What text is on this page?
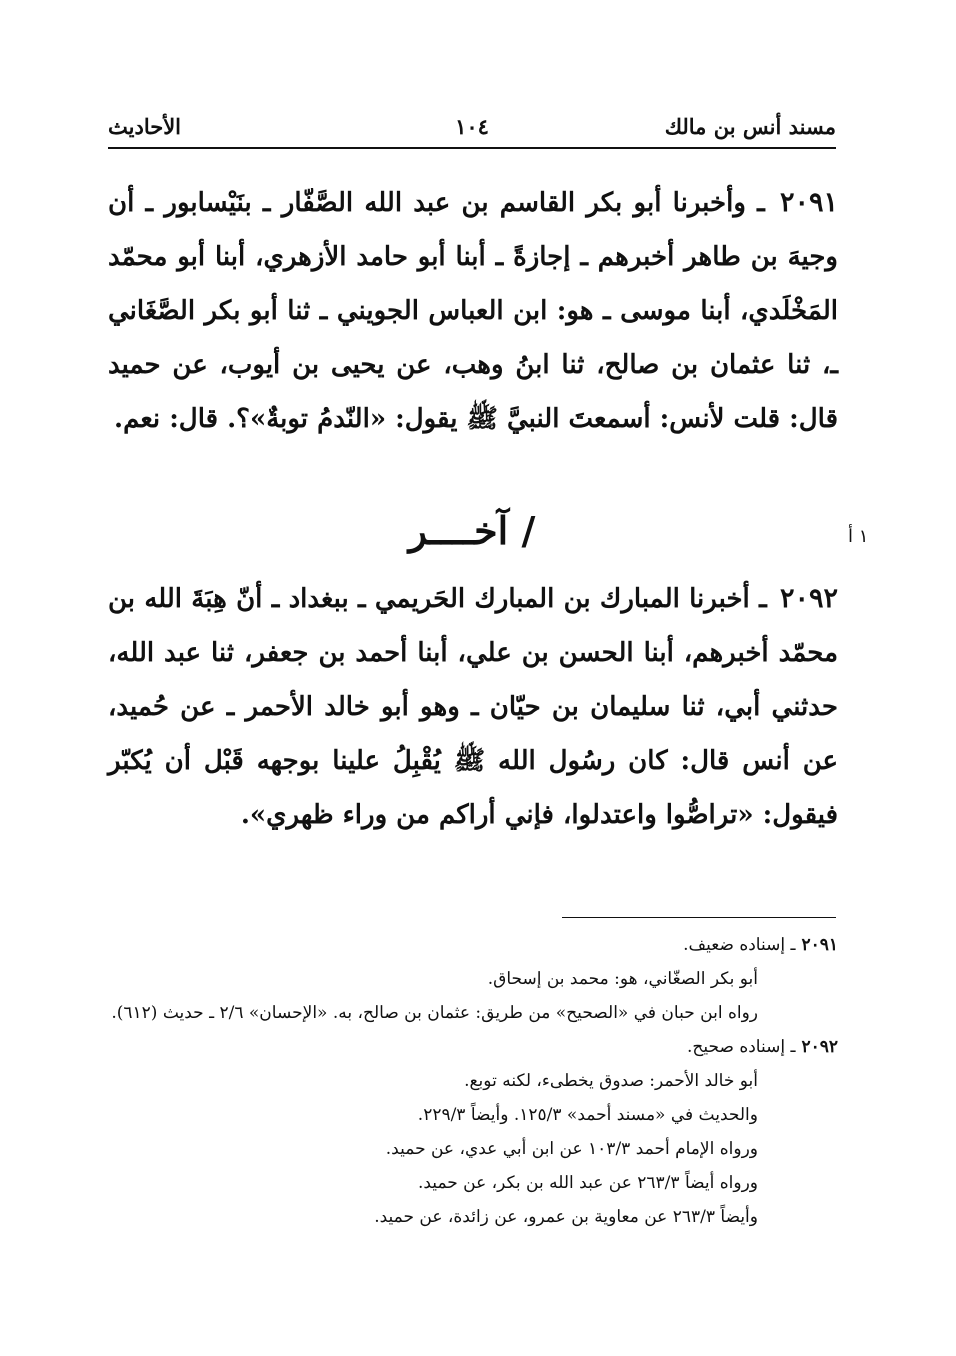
مسند أنس بن مالك
١٠٤
الأحاديث
٢٠٩١ ـ وأخبرنا أبو بكر القاسم بن عبد الله الصَّفّار ـ بنَيْسابور ـ أن وجيهَ بن طاهر أخبرهم ـ إجازةً ـ أبنا أبو حامد الأزهري، أبنا أبو محمّد المَخْلَدي، أبنا موسى ـ هو: ابن العباس الجويني ـ ثنا أبو بكر الصَّغَاني ـ، ثنا عثمان بن صالح، ثنا ابنُ وهب، عن يحيى بن أيوب، عن حميد قال: قلت لأنس: أسمعتَ النبيَّ ﷺ يقول: «النّدمُ توبةٌ»؟. قال: نعم.
/ آخــــر	١ أ
٢٠٩٢ ـ أخبرنا المبارك بن المبارك الحَريمي ـ ببغداد ـ أنّ هِبَةَ الله بن محمّد أخبرهم، أبنا الحسن بن علي، أبنا أحمد بن جعفر، ثنا عبد الله، حدثني أبي، ثنا سليمان بن حيّان ـ وهو أبو خالد الأحمر ـ عن حُميد، عن أنس قال: كان رسُول الله ﷺ يُقْبِلُ علينا بوجهه قَبْل أن يُكبّر فيقول: «تراصُّوا واعتدلوا، فإني أراكم من وراء ظهري».
٢٠٩١ـ إسناده ضعيف.
أبو بكر الصغّاني، هو: محمد بن إسحاق.
رواه ابن حبان في «الصحيح» من طريق: عثمان بن صالح، به. «الإحسان» ٢/٦ ـ حديث (٦١٢).
٢٠٩٢ـ إسناده صحيح.
أبو خالد الأحمر: صدوق يخطىء، لكنه توبع.
والحديث في «مسند أحمد» ١٢٥/٣. وأيضاً ٢٢٩/٣.
ورواه الإمام أحمد ١٠٣/٣ عن ابن أبي عدي، عن حميد.
ورواه أيضاً ٢٦٣/٣ عن عبد الله بن بكر، عن حميد.
وأيضاً ٢٦٣/٣ عن معاوية بن عمرو، عن زائدة، عن حميد.
